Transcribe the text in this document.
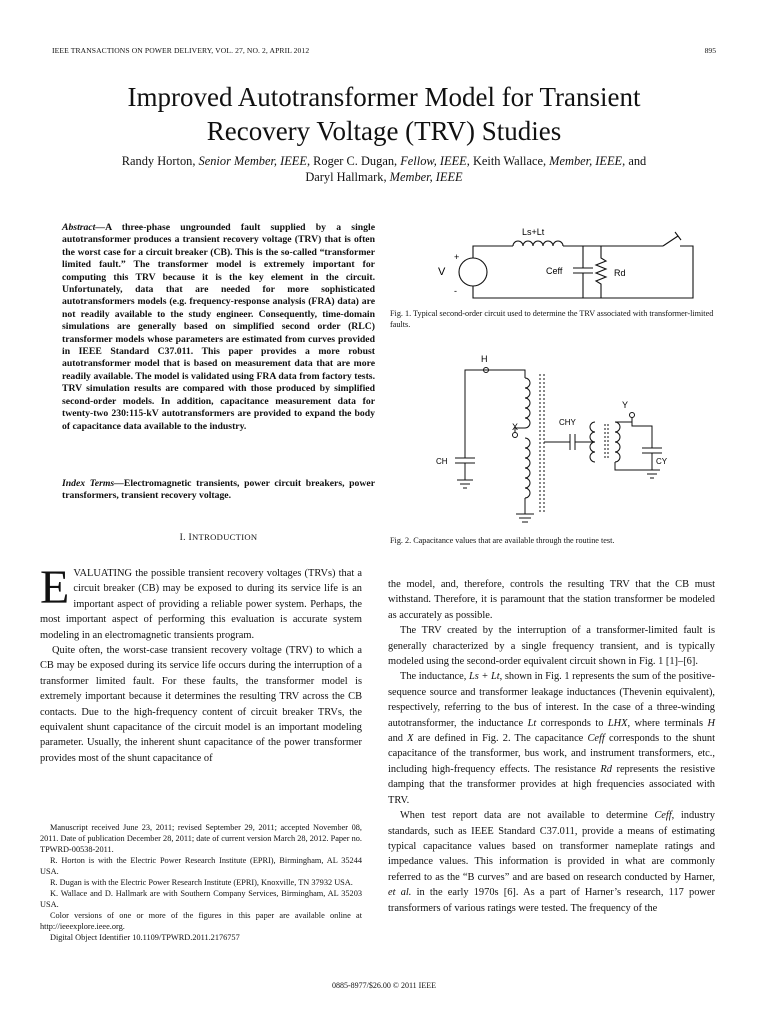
IEEE TRANSACTIONS ON POWER DELIVERY, VOL. 27, NO. 2, APRIL 2012	895
Improved Autotransformer Model for Transient
Recovery Voltage (TRV) Studies
Randy Horton, Senior Member, IEEE, Roger C. Dugan, Fellow, IEEE, Keith Wallace, Member, IEEE, and
Daryl Hallmark, Member, IEEE
Abstract—A three-phase ungrounded fault supplied by a single autotransformer produces a transient recovery voltage (TRV) that is often the worst case for a circuit breaker (CB). This is the so-called “transformer limited fault.” The transformer model is extremely important for computing this TRV because it is the key element in the circuit. Unfortunately, data that are needed for more sophisticated autotransformers models (e.g. frequency-response analysis (FRA) data) are not readily available to the study engineer. Consequently, time-domain simulations are generally based on simplified second order (RLC) transformer models whose parameters are estimated from curves provided in IEEE Standard C37.011. This paper provides a more robust autotransformer model that is based on measurement data that are more readily available. The model is validated using FRA data from factory tests. TRV simulation results are compared with those produced by simplified second-order models. In addition, capacitance measurement data for twenty-two 230:115-kV autotransformers are provided to expand the body of capacitance data available to the industry.
Index Terms—Electromagnetic transients, power circuit breakers, power transformers, transient recovery voltage.
I. INTRODUCTION

EVALUATING the possible transient recovery voltages (TRVs) that a circuit breaker (CB) may be exposed to during its service life is an important aspect of providing a reliable power system. Perhaps, the most important aspect of performing this evaluation is accurate system modeling in an electromagnetic transients program.

Quite often, the worst-case transient recovery voltage (TRV) to which a CB may be exposed during its service life occurs during the interruption of a transformer limited fault. For these faults, the transformer model is extremely important because it determines the resulting TRV across the CB contacts. Due to the high-frequency content of circuit breaker TRVs, the equivalent shunt capacitance of the circuit model is an important modeling parameter. Usually, the inherent shunt capacitance of the power transformer provides most of the shunt capacitance of

Manuscript received June 23, 2011; revised September 29, 2011; accepted November 08, 2011. Date of publication December 28, 2011; date of current version March 28, 2012. Paper no. TPWRD-00538-2011.

R. Horton is with the Electric Power Research Institute (EPRI), Birmingham, AL 35244 USA.

R. Dugan is with the Electric Power Research Institute (EPRI), Knoxville, TN 37932 USA.

K. Wallace and D. Hallmark are with Southern Company Services, Birmingham, AL 35203 USA.

Color versions of one or more of the figures in this paper are available online at http://ieeexplore.ieee.org.

Digital Object Identifier 10.1109/TPWRD.2011.2176757

Ls+Lt
V
+
-
Ceff	Rd
Fig. 1. Typical second-order circuit used to determine the TRV associated with transformer-limited faults.
H
X
Y
CHY
CH	CY
Fig. 2. Capacitance values that are available through the routine test.

the model, and, therefore, controls the resulting TRV that the CB must withstand. Therefore, it is paramount that the station transformer be modeled as accurately as possible.

The TRV created by the interruption of a transformer-limited fault is generally characterized by a single frequency transient, and is typically modeled using the second-order equivalent circuit shown in Fig. 1 [1]–[6].

The inductance, Ls + Lt, shown in Fig. 1 represents the sum of the positive-sequence source and transformer leakage inductances (Thevenin equivalent), respectively, referring to the bus of interest. In the case of a three-winding autotransformer, the inductance Lt corresponds to LHX, where terminals H and X are defined in Fig. 2. The capacitance Ceff corresponds to the shunt capacitance of the transformer, bus work, and instrument transformers, etc., including high-frequency effects. The resistance Rd represents the resistive damping that the transformer provides at high frequencies associated with TRV.

When test report data are not available to determine Ceff, industry standards, such as IEEE Standard C37.011, provide a means of estimating typical capacitance values based on transformer nameplate ratings and impedance values. This information is provided in what are commonly referred to as the “B curves” and are based on research conducted by Harner, et al. in the early 1970s [6]. As a part of Harner’s research, 117 power transformers of various ratings were tested. The frequency of the

0885-8977/$26.00 © 2011 IEEE
